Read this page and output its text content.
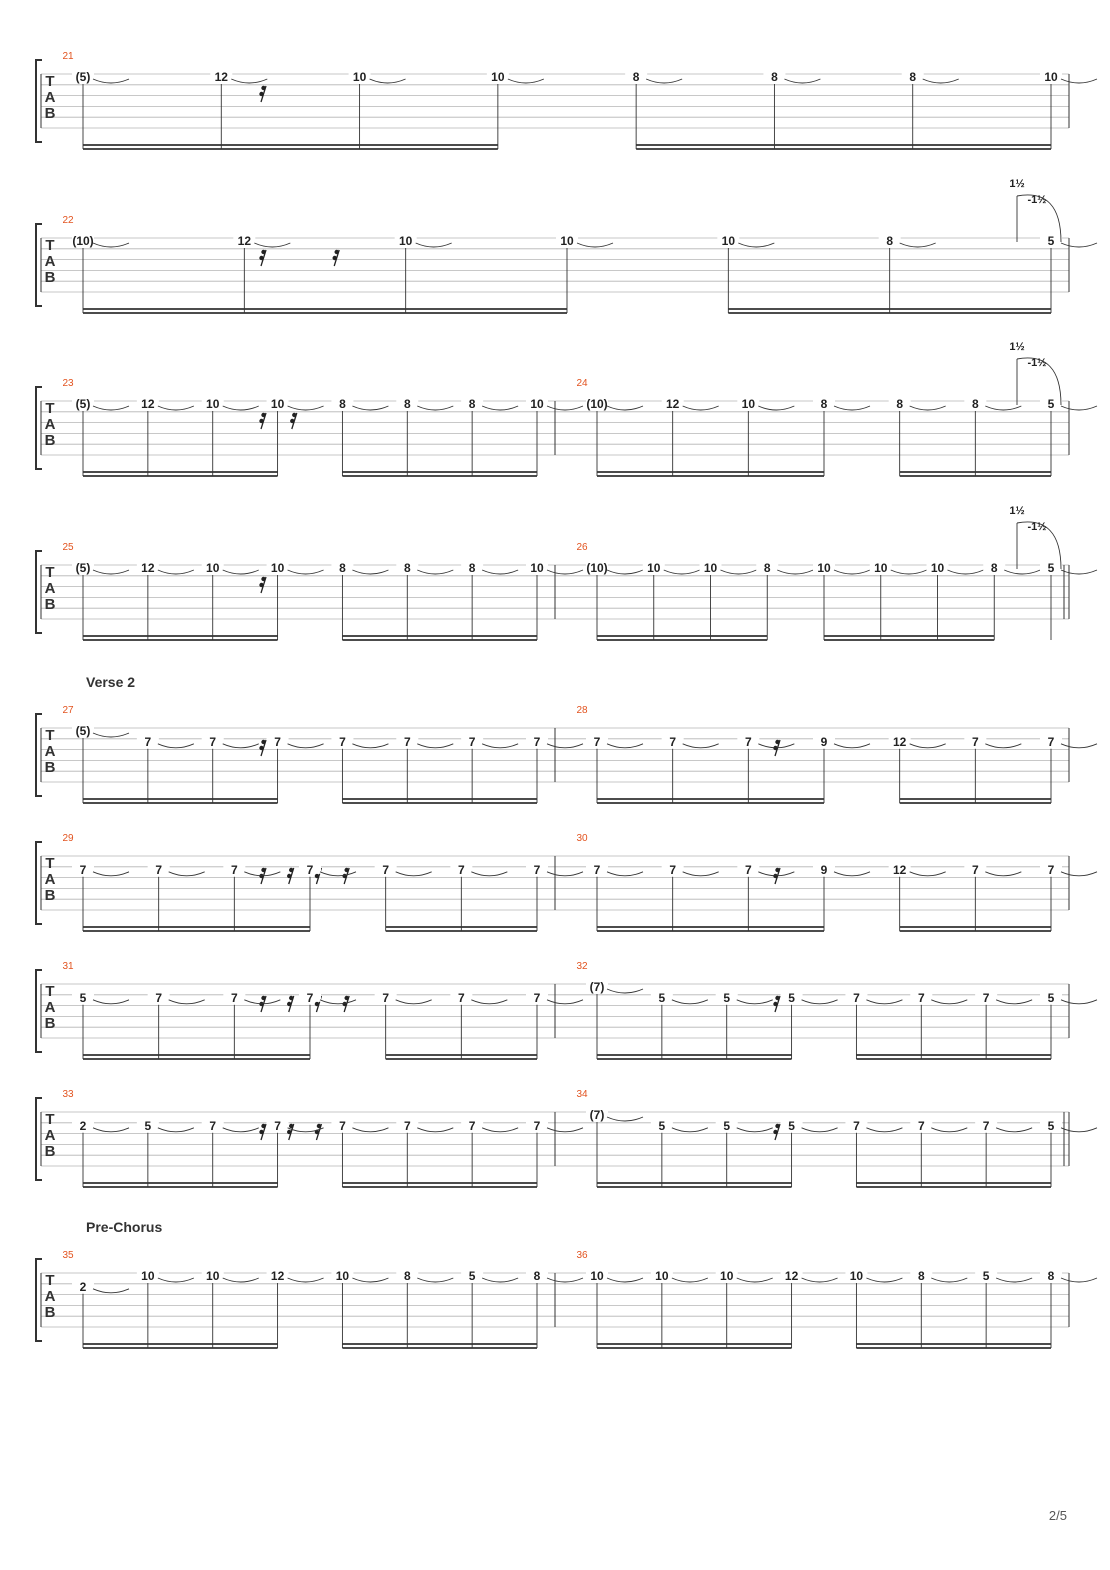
T
A
B
21
(5)	12	10	10	8	8	8	10
T
A
B
22
(10)	12	10	10	10	8	5
1½
-1½
T
A
B
23
(5)	12	10	10	8	8	8	10
24
(10)	12	10	8	8	8	5
1½
-1½
T
A
B
25
(5)	12	10	10	8	8	8	10
26
(10)	10	10	8	10	10	10	8	5
1½
-1½
T
A
B
Verse 2
27
(5)
7	7	7	7	7	7	7
28
7	7	7	9	12	7	7
T
A
B
29
7	7	7	7	7	7	7
30
7	7	7	9	12	7	7
T
A
B
31
5	7	7	7	7	7	7
32
(7)
5	5	5	7	7	7	5
T
A
B
33
2	5	7	7	7	7	7	7
34
(7)
5	5	5	7	7	7	5
T
A
B
Pre-Chorus
35
2
10	10	12	10	8	5	8
36
10	10	10	12	10	8	5	8
2/5
